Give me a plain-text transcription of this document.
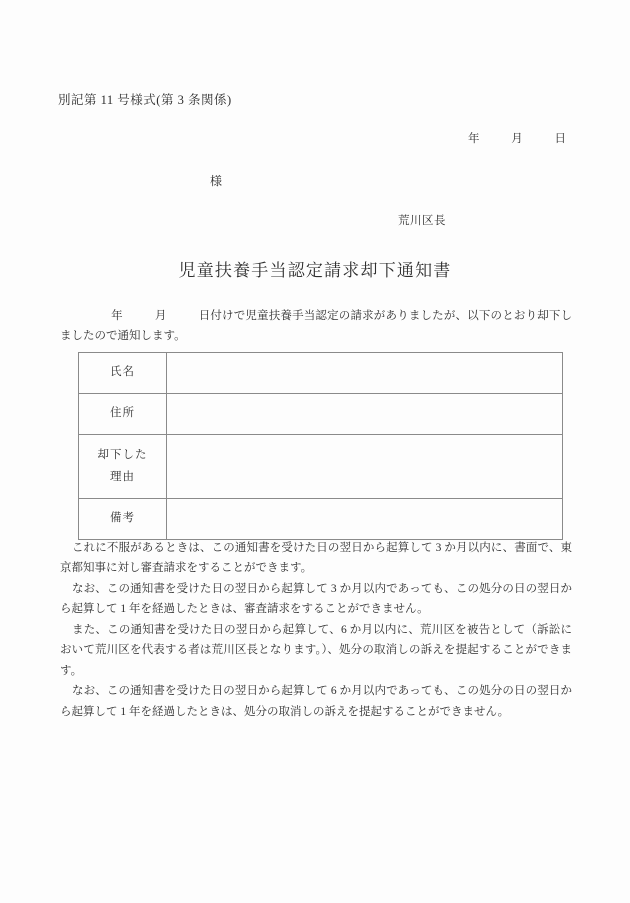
別記第 11 号様式(第 3 条関係)
年	月	日
様
荒川区長
児童扶養手当認定請求却下通知書
年	月	日付けで児童扶養手当認定の請求がありましたが、以下のとおり却下しましたので通知します。
氏名	
住所	

却下した
理由	

備考	

これに不服があるときは、この通知書を受けた日の翌日から起算して 3 か月以内に、書面で、東京都知事に対し審査請求をすることができます。

なお、この通知書を受けた日の翌日から起算して 3 か月以内であっても、この処分の日の翌日から起算して 1 年を経過したときは、審査請求をすることができません。

また、この通知書を受けた日の翌日から起算して、6 か月以内に、荒川区を被告として（訴訟において荒川区を代表する者は荒川区長となります。）、処分の取消しの訴えを提起することができます。

なお、この通知書を受けた日の翌日から起算して 6 か月以内であっても、この処分の日の翌日から起算して 1 年を経過したときは、処分の取消しの訴えを提起することができません。
